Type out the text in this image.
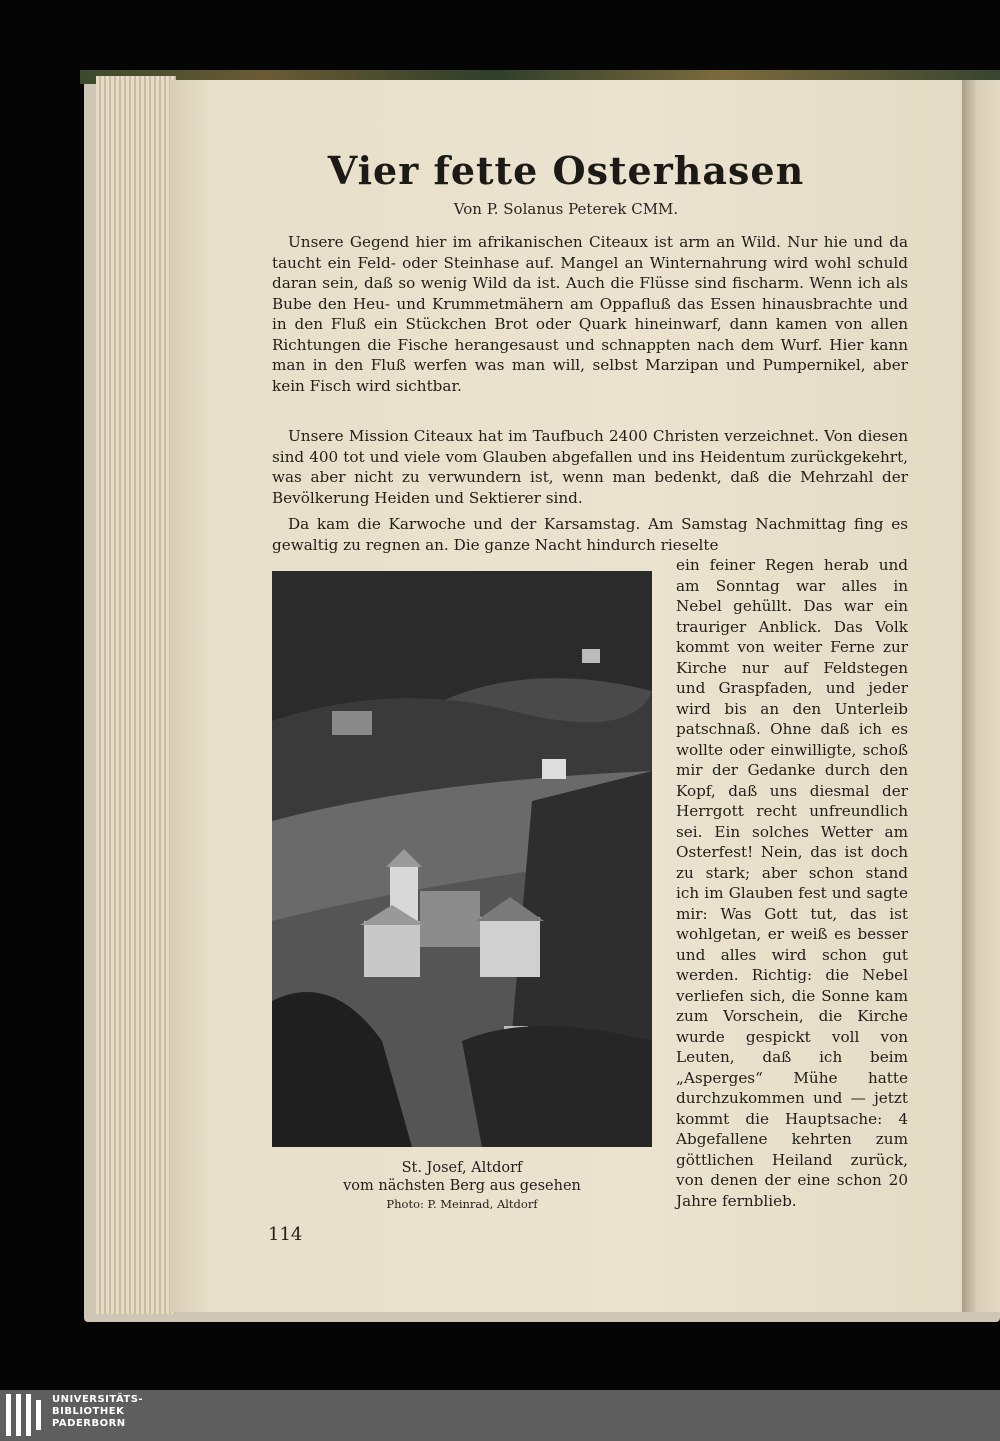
Vier fette Osterhasen
Von P. Solanus Peterek CMM.

Unsere Gegend hier im afrikanischen Citeaux ist arm an Wild. Nur hie und da taucht ein Feld- oder Steinhase auf. Mangel an Winternahrung wird wohl schuld daran sein, daß so wenig Wild da ist. Auch die Flüsse sind fischarm. Wenn ich als Bube den Heu- und Krummetmähern am Oppafluß das Essen hinausbrachte und in den Fluß ein Stückchen Brot oder Quark hineinwarf, dann kamen von allen Richtungen die Fische herangesaust und schnappten nach dem Wurf. Hier kann man in den Fluß werfen was man will, selbst Marzipan und Pumpernikel, aber kein Fisch wird sichtbar.

Unsere Mission Citeaux hat im Taufbuch 2400 Christen verzeichnet. Von diesen sind 400 tot und viele vom Glauben abgefallen und ins Heidentum zurückgekehrt, was aber nicht zu verwundern ist, wenn man bedenkt, daß die Mehrzahl der Bevölkerung Heiden und Sektierer sind.

Da kam die Karwoche und der Karsamstag. Am Samstag Nachmittag fing es gewaltig zu regnen an. Die ganze Nacht hindurch rieselte

ein feiner Regen herab und am Sonntag war alles in Nebel gehüllt. Das war ein trauriger Anblick. Das Volk kommt von weiter Ferne zur Kirche nur auf Feldstegen und Graspfaden, und jeder wird bis an den Unterleib patschnaß. Ohne daß ich es wollte oder einwilligte, schoß mir der Gedanke durch den Kopf, daß uns diesmal der Herrgott recht unfreundlich sei. Ein solches Wetter am Osterfest! Nein, das ist doch zu stark; aber schon stand ich im Glauben fest und sagte mir: Was Gott tut, das ist wohlgetan, er weiß es besser und alles wird schon gut werden. Richtig: die Nebel verliefen sich, die Sonne kam zum Vorschein, die Kirche wurde gespickt voll von Leuten, daß ich beim „Asperges“ Mühe hatte durchzukommen und — jetzt kommt die Hauptsache: 4 Abgefallene kehrten zum göttlichen Heiland zurück, von denen der eine schon 20 Jahre fernblieb.

St. Josef, Altdorf
vom nächsten Berg aus gesehen
Photo: P. Meinrad, Altdorf
114
UNIVERSITÄTS-
BIBLIOTHEK
PADERBORN
